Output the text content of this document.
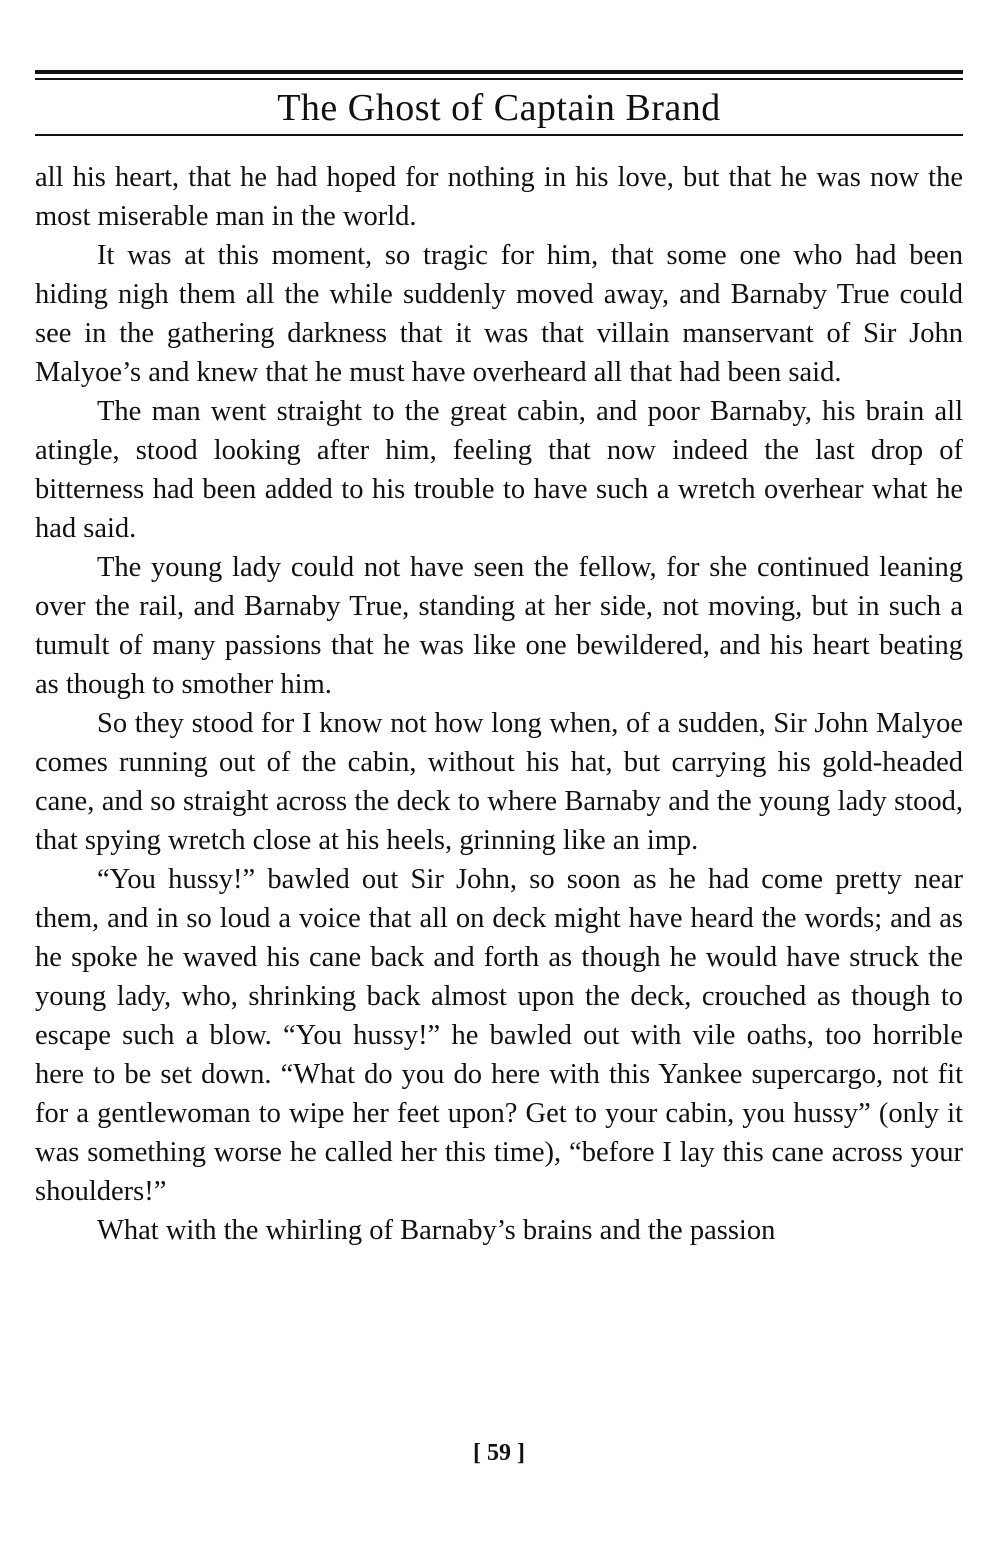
The Ghost of Captain Brand

all his heart, that he had hoped for nothing in his love, but that he was now the most miserable man in the world.

It was at this moment, so tragic for him, that some one who had been hiding nigh them all the while suddenly moved away, and Barnaby True could see in the gathering darkness that it was that villain manservant of Sir John Malyoe’s and knew that he must have overheard all that had been said.

The man went straight to the great cabin, and poor Barnaby, his brain all atingle, stood looking after him, feeling that now indeed the last drop of bitterness had been added to his trouble to have such a wretch overhear what he had said.

The young lady could not have seen the fellow, for she continued leaning over the rail, and Barnaby True, standing at her side, not moving, but in such a tumult of many passions that he was like one bewildered, and his heart beating as though to smother him.

So they stood for I know not how long when, of a sudden, Sir John Malyoe comes running out of the cabin, without his hat, but carrying his gold-headed cane, and so straight across the deck to where Barnaby and the young lady stood, that spying wretch close at his heels, grinning like an imp.

“You hussy!” bawled out Sir John, so soon as he had come pretty near them, and in so loud a voice that all on deck might have heard the words; and as he spoke he waved his cane back and forth as though he would have struck the young lady, who, shrinking back almost upon the deck, crouched as though to escape such a blow. “You hussy!” he bawled out with vile oaths, too horrible here to be set down. “What do you do here with this Yankee supercargo, not fit for a gentlewoman to wipe her feet upon? Get to your cabin, you hussy” (only it was something worse he called her this time), “before I lay this cane across your shoulders!”

What with the whirling of Barnaby’s brains and the passion

[ 59 ]
